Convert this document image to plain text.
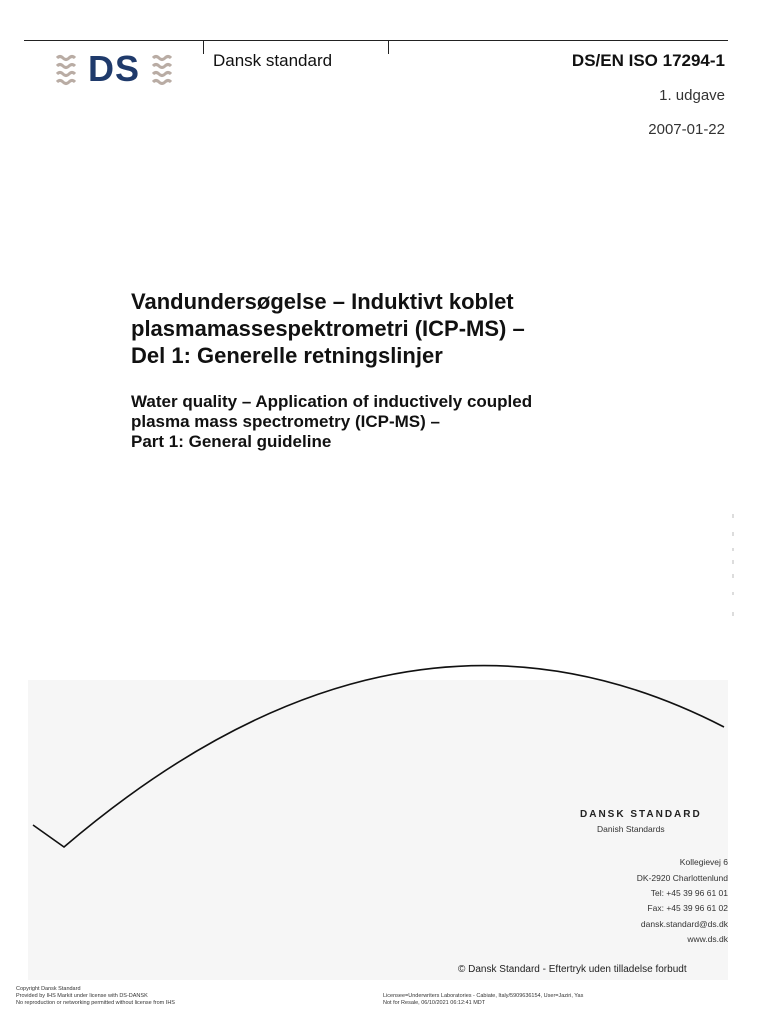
DS	Dansk standard	DS/EN ISO 17294-1
1. udgave
2007-01-22
Vandundersøgelse – Induktivt koblet
plasmamassespektrometri (ICP-MS) –
Del 1: Generelle retningslinjer
Water quality – Application of inductively coupled
plasma mass spectrometry (ICP-MS) –
Part 1: General guideline
DANSK STANDARD
Danish Standards
Kollegievej 6
DK-2920 Charlottenlund
Tel: +45 39 96 61 01
Fax: +45 39 96 61 02
dansk.standard@ds.dk
www.ds.dk
© Dansk Standard - Eftertryk uden tilladelse forbudt
Copyright Dansk Standard
Provided by IHS Markit under license with DS-DANSK
No reproduction or networking permitted without license from IHS
Licensee=Underwriters Laboratories - Cabiate, Italy/5909636154, User=Jaziri, Yas
Not for Resale, 06/10/2021 06:12:41 MDT
